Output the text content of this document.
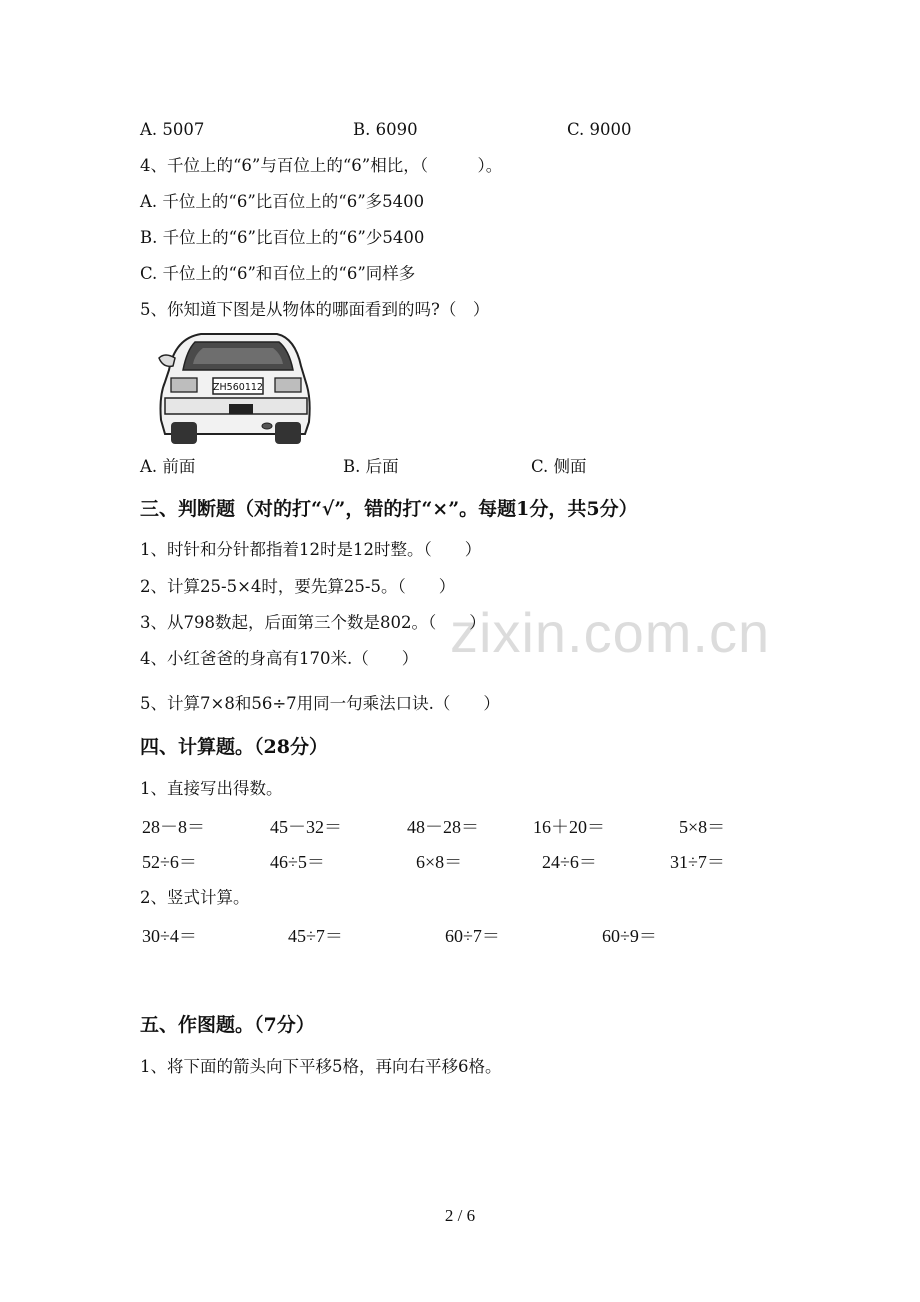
zixin.com.cn
A. 5007	B. 6090	C. 9000
4、千位上的“6”与百位上的“6”相比，（　　　）。
A. 千位上的“6”比百位上的“6”多5400
B. 千位上的“6”比百位上的“6”少5400
C. 千位上的“6”和百位上的“6”同样多
5、你知道下图是从物体的哪面看到的吗?（　）
ZH560112
A. 前面	B. 后面	C. 侧面
三、判断题（对的打“√”，错的打“×”。每题1分，共5分）
1、时针和分针都指着12时是12时整。（　　）
2、计算25-5×4时，要先算25-5。（　　）
3、从798数起，后面第三个数是802。（　　）
4、小红爸爸的身高有170米.（　　）
5、计算7×8和56÷7用同一句乘法口诀.（　　）
四、计算题。（28分）
1、直接写出得数。
28－8＝	45－32＝	48－28＝	16＋20＝	5×8＝
52÷6＝	46÷5＝	6×8＝	24÷6＝	31÷7＝
2、竖式计算。
30÷4＝	45÷7＝	60÷7＝	60÷9＝
五、作图题。（7分）
1、将下面的箭头向下平移5格，再向右平移6格。
2 / 6
